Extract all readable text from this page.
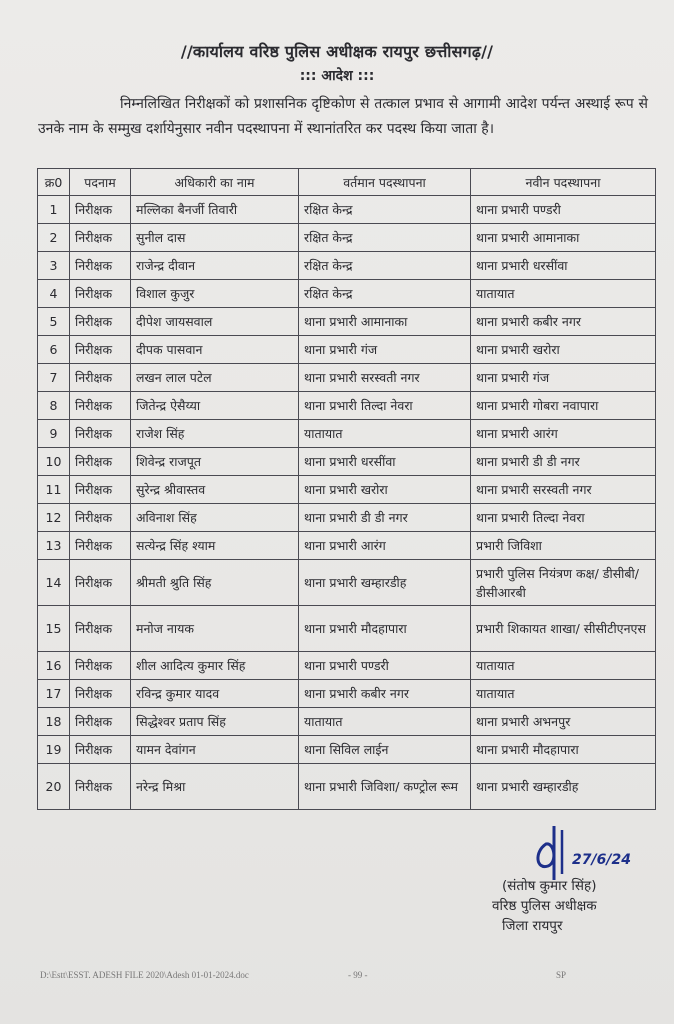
//कार्यालय वरिष्ठ पुलिस अधीक्षक रायपुर छत्तीसगढ़//
::: आदेश :::
निम्नलिखित निरीक्षकों को प्रशासनिक दृष्टिकोण से तत्काल प्रभाव से आगामी आदेश पर्यन्त अस्थाई रूप से उनके नाम के सम्मुख दर्शायेनुसार नवीन पदस्थापना में स्थानांतरित कर पदस्थ किया जाता है।
क्र0	पदनाम	अधिकारी का नाम	वर्तमान पदस्थापना	नवीन पदस्थापना
1	निरीक्षक	मल्लिका बैनर्जी तिवारी	रक्षित केन्द्र	थाना प्रभारी पण्डरी
2	निरीक्षक	सुनील दास	रक्षित केन्द्र	थाना प्रभारी आमानाका
3	निरीक्षक	राजेन्द्र दीवान	रक्षित केन्द्र	थाना प्रभारी धरसींवा
4	निरीक्षक	विशाल कुजुर	रक्षित केन्द्र	यातायात
5	निरीक्षक	दीपेश जायसवाल	थाना प्रभारी आमानाका	थाना प्रभारी कबीर नगर
6	निरीक्षक	दीपक पासवान	थाना प्रभारी गंज	थाना प्रभारी खरोरा
7	निरीक्षक	लखन लाल पटेल	थाना प्रभारी सरस्वती नगर	थाना प्रभारी गंज
8	निरीक्षक	जितेन्द्र ऐसैय्या	थाना प्रभारी तिल्दा नेवरा	थाना प्रभारी गोबरा नवापारा
9	निरीक्षक	राजेश सिंह	यातायात	थाना प्रभारी आरंग
10	निरीक्षक	शिवेन्द्र राजपूत	थाना प्रभारी धरसींवा	थाना प्रभारी डी डी नगर
11	निरीक्षक	सुरेन्द्र श्रीवास्तव	थाना प्रभारी खरोरा	थाना प्रभारी सरस्वती नगर
12	निरीक्षक	अविनाश सिंह	थाना प्रभारी डी डी नगर	थाना प्रभारी तिल्दा नेवरा
13	निरीक्षक	सत्येन्द्र सिंह श्याम	थाना प्रभारी आरंग	प्रभारी जिविशा
14	निरीक्षक	श्रीमती श्रुति सिंह	थाना प्रभारी खम्हारडीह	प्रभारी पुलिस नियंत्रण कक्ष/ डीसीबी/डीसीआरबी
15	निरीक्षक	मनोज नायक	थाना प्रभारी मौदहापारा	प्रभारी शिकायत शाखा/ सीसीटीएनएस
16	निरीक्षक	शील आदित्य कुमार सिंह	थाना प्रभारी पण्डरी	यातायात
17	निरीक्षक	रविन्द्र कुमार यादव	थाना प्रभारी कबीर नगर	यातायात
18	निरीक्षक	सिद्धेश्वर प्रताप सिंह	यातायात	थाना प्रभारी अभनपुर
19	निरीक्षक	यामन देवांगन	थाना सिविल लाईन	थाना प्रभारी मौदहापारा
20	निरीक्षक	नरेन्द्र मिश्रा	थाना प्रभारी जिविशा/ कण्ट्रोल रूम	थाना प्रभारी खम्हारडीह
27/6/24
(संतोष कुमार सिंह)
वरिष्ठ पुलिस अधीक्षक
जिला रायपुर
D:\Estt\ESST. ADESH FILE 2020\Adesh 01-01-2024.doc	- 99 -	SP
